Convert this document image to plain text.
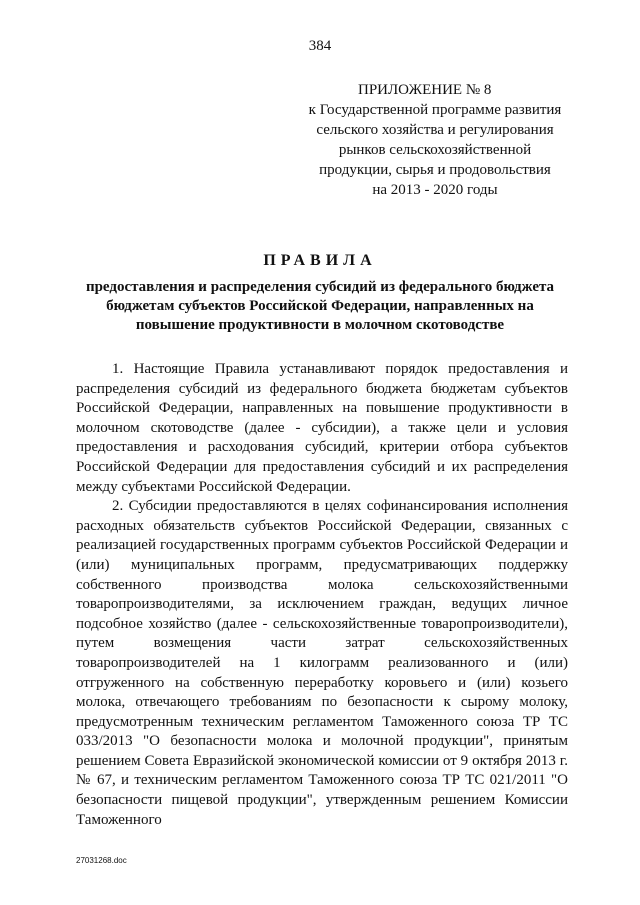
384
ПРИЛОЖЕНИЕ № 8
к Государственной программе развития
сельского хозяйства и регулирования
рынков сельскохозяйственной
продукции, сырья и продовольствия
на 2013 - 2020 годы
ПРАВИЛА
предоставления и распределения субсидий из федерального бюджета
бюджетам субъектов Российской Федерации, направленных на
повышение продуктивности в молочном скотоводстве

1. Настоящие Правила устанавливают порядок предоставления и распределения субсидий из федерального бюджета бюджетам субъектов Российской Федерации, направленных на повышение продуктивности в молочном скотоводстве (далее - субсидии), а также цели и условия предоставления и расходования субсидий, критерии отбора субъектов Российской Федерации для предоставления субсидий и их распределения между субъектами Российской Федерации.

2. Субсидии предоставляются в целях софинансирования исполнения расходных обязательств субъектов Российской Федерации, связанных с реализацией государственных программ субъектов Российской Федерации и (или) муниципальных программ, предусматривающих поддержку собственного производства молока сельскохозяйственными товаропроизводителями, за исключением граждан, ведущих личное подсобное хозяйство (далее - сельскохозяйственные товаропроизводители), путем возмещения части затрат сельскохозяйственных товаропроизводителей на 1 килограмм реализованного и (или) отгруженного на собственную переработку коровьего и (или) козьего молока, отвечающего требованиям по безопасности к сырому молоку, предусмотренным техническим регламентом Таможенного союза ТР ТС 033/2013 "О безопасности молока и молочной продукции", принятым решением Совета Евразийской экономической комиссии от 9 октября 2013 г. № 67, и техническим регламентом Таможенного союза ТР ТС 021/2011 "О безопасности пищевой продукции", утвержденным решением Комиссии Таможенного

27031268.doc
